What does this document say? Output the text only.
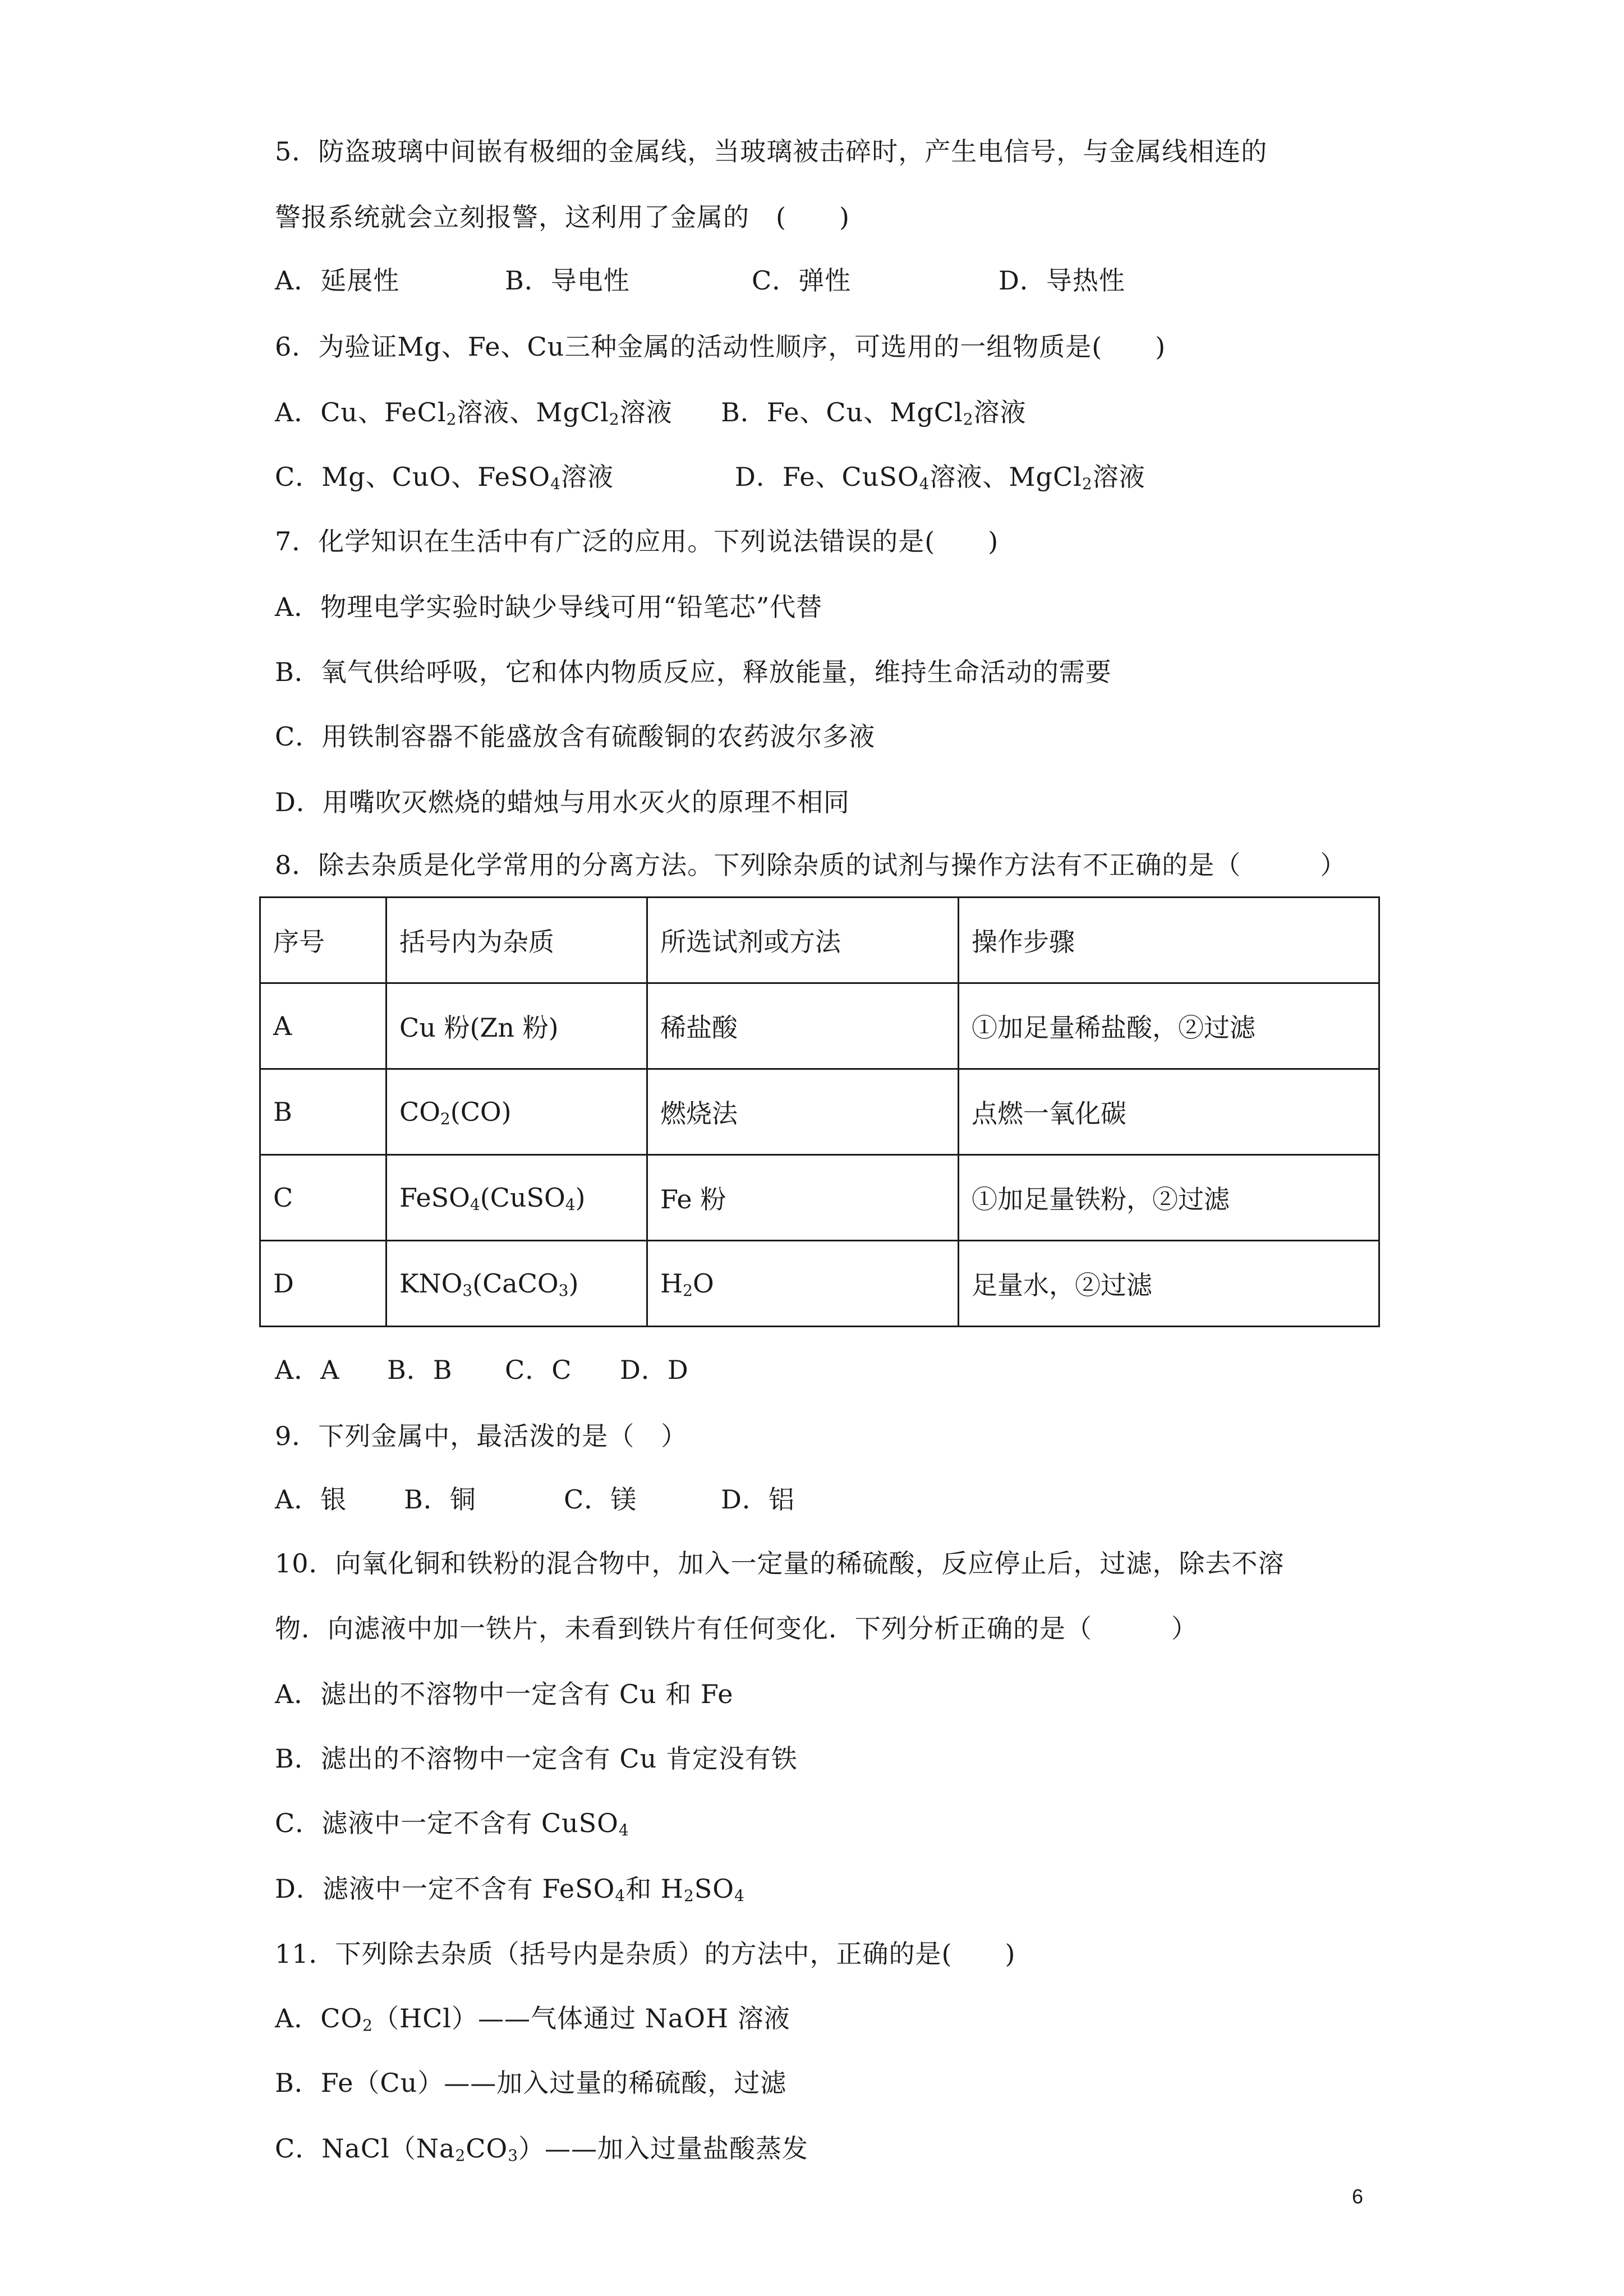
5．防盗玻璃中间嵌有极细的金属线，当玻璃被击碎时，产生电信号，与金属线相连的
警报系统就会立刻报警，这利用了金属的　(　　)
A．延展性	B．导电性	C．弹性	D．导热性
6．为验证Mg、Fe、Cu三种金属的活动性顺序，可选用的一组物质是(　　)
A．Cu、FeCl$_2$溶液、MgCl$_2$溶液 B．Fe、Cu、MgCl$_2$溶液
C．Mg、CuO、FeSO$_4$溶液	D．Fe、CuSO$_4$溶液、MgCl$_2$溶液
7．化学知识在生活中有广泛的应用。下列说法错误的是(　　)
A．物理电学实验时缺少导线可用“铅笔芯”代替
B．氧气供给呼吸，它和体内物质反应，释放能量，维持生命活动的需要
C．用铁制容器不能盛放含有硫酸铜的农药波尔多液
D．用嘴吹灭燃烧的蜡烛与用水灭火的原理不相同
8．除去杂质是化学常用的分离方法。下列除杂质的试剂与操作方法有不正确的是（　　　）
序号	括号内为杂质	所选试剂或方法	操作步骤
A	Cu 粉(Zn 粉)	稀盐酸	①加足量稀盐酸，②过滤
B	$CO_2(CO)$	燃烧法	点燃一氧化碳
C	FeSO$_4$(CuSO$_4$)	Fe 粉	①加足量铁粉，②过滤
D	$KNO_3(CaCO_3)$	$H_2O$	足量水，②过滤
A．A B．B C．C D．D
9．下列金属中，最活泼的是（　）
A．银 B．铜	C．镁	D．铝
10．向氧化铜和铁粉的混合物中，加入一定量的稀硫酸，反应停止后，过滤，除去不溶
物．向滤液中加一铁片，未看到铁片有任何变化．下列分析正确的是（　　　）
A．滤出的不溶物中一定含有 Cu 和 Fe
B．滤出的不溶物中一定含有 Cu 肯定没有铁
C．滤液中一定不含有 CuSO$_4$
D．滤液中一定不含有 FeSO$_4$和 $H_2SO_4$
11．下列除去杂质（括号内是杂质）的方法中，正确的是(　　)
A．$CO_2(HCl)——$气体通过 NaOH 溶液
B．Fe（Cu）——加入过量的稀硫酸，过滤
C．$NaCl(Na_2CO_3)——$加入过量盐酸蒸发
6
